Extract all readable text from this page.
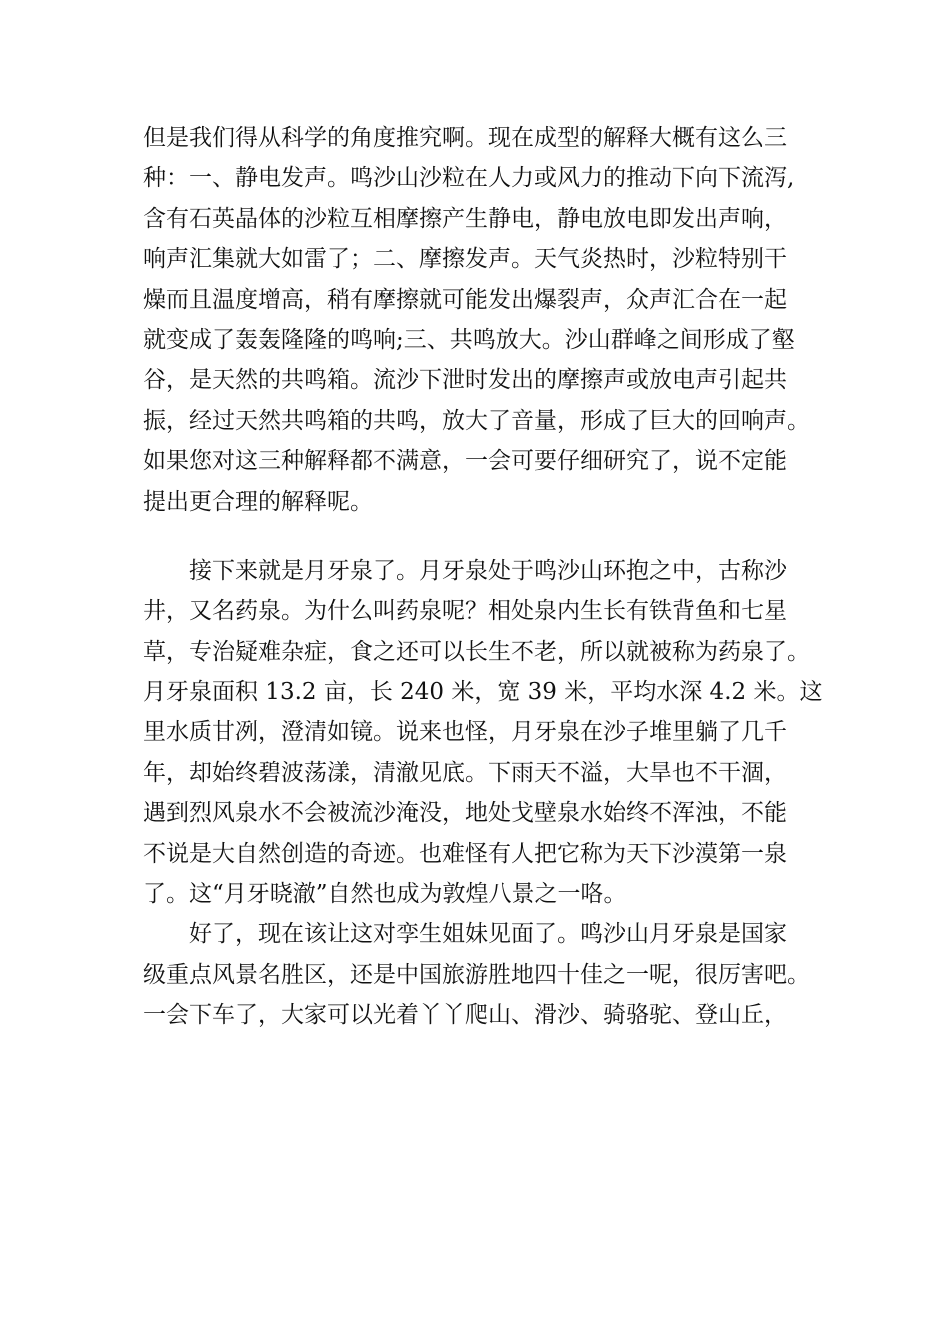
但是我们得从科学的角度推究啊。现在成型的解释大概有这么三
种：一、静电发声。鸣沙山沙粒在人力或风力的推动下向下流泻,
含有石英晶体的沙粒互相摩擦产生静电，静电放电即发出声响，
响声汇集就大如雷了；二、摩擦发声。天气炎热时，沙粒特别干
燥而且温度增高，稍有摩擦就可能发出爆裂声，众声汇合在一起
就变成了轰轰隆隆的鸣响;三、共鸣放大。沙山群峰之间形成了壑
谷，是天然的共鸣箱。流沙下泄时发出的摩擦声或放电声引起共
振，经过天然共鸣箱的共鸣，放大了音量，形成了巨大的回响声。
如果您对这三种解释都不满意，一会可要仔细研究了，说不定能
提出更合理的解释呢。
接下来就是月牙泉了。月牙泉处于鸣沙山环抱之中，古称沙
井，又名药泉。为什么叫药泉呢？相处泉内生长有铁背鱼和七星
草，专治疑难杂症，食之还可以长生不老，所以就被称为药泉了。
月牙泉面积 13.2 亩，长 240 米，宽 39 米，平均水深 4.2 米。这
里水质甘冽，澄清如镜。说来也怪，月牙泉在沙子堆里躺了几千
年，却始终碧波荡漾，清澈见底。下雨天不溢，大旱也不干涸，
遇到烈风泉水不会被流沙淹没，地处戈壁泉水始终不浑浊，不能
不说是大自然创造的奇迹。也难怪有人把它称为天下沙漠第一泉
了。这“月牙晓澈”自然也成为敦煌八景之一咯。
好了，现在该让这对孪生姐妹见面了。鸣沙山月牙泉是国家
级重点风景名胜区，还是中国旅游胜地四十佳之一呢，很厉害吧。
一会下车了，大家可以光着丫丫爬山、滑沙、骑骆驼、登山丘，
